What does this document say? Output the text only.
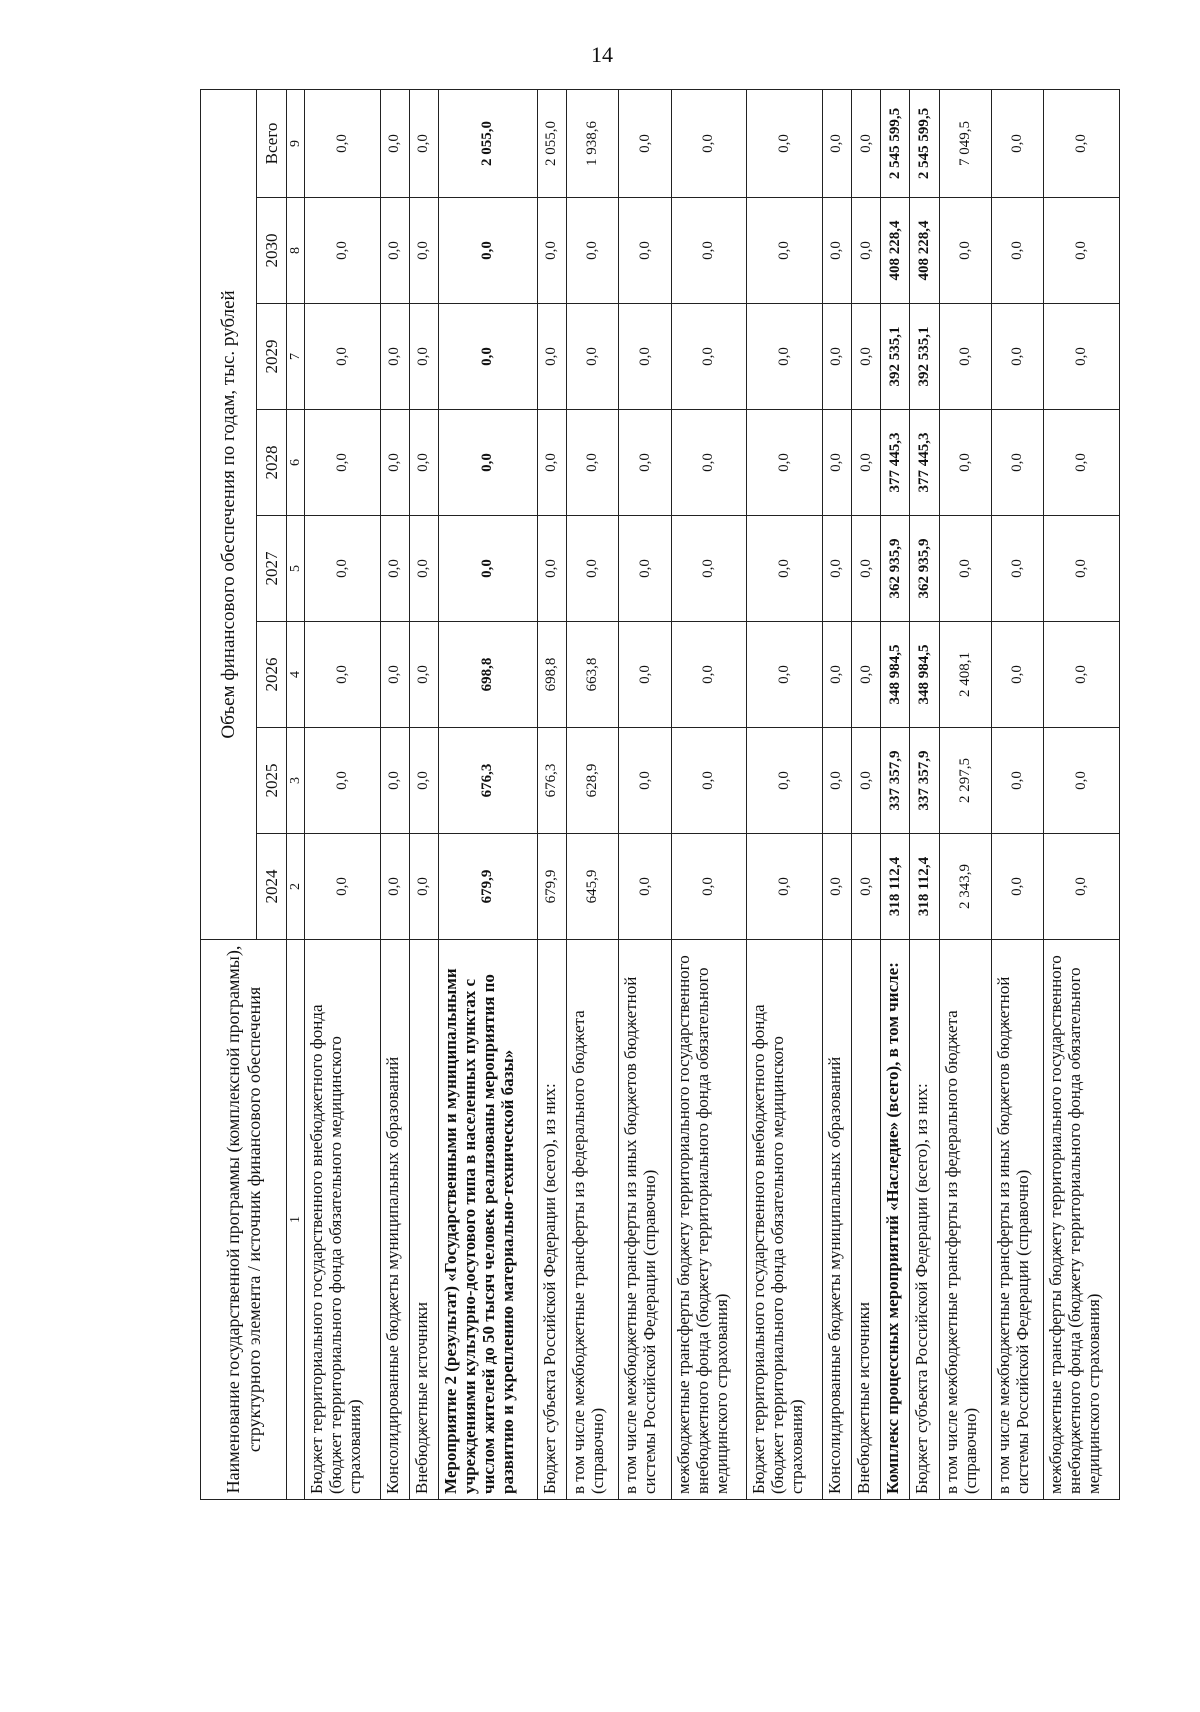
14
Наименование государственной программы (комплексной программы), структурного элемента / источник финансового обеспечения	Объем финансового обеспечения по годам, тыс. рублей							
	2024	2025	2026	2027	2028	2029	2030	Всего
1	2	3	4	5	6	7	8	9
Бюджет территориального государственного внебюджетного фонда (бюджет территориального фонда обязательного медицинского страхования)	0,0	0,0	0,0	0,0	0,0	0,0	0,0	0,0
Консолидированные бюджеты муниципальных образований	0,0	0,0	0,0	0,0	0,0	0,0	0,0	0,0
Внебюджетные источники	0,0	0,0	0,0	0,0	0,0	0,0	0,0	0,0
Мероприятие 2 (результат) «Государственными и муниципальными учреждениями культурно-досугового типа в населенных пунктах с числом жителей до 50 тысяч человек реализованы мероприятия по развитию и укреплению материально-технической базы»	679,9	676,3	698,8	0,0	0,0	0,0	0,0	2 055,0
Бюджет субъекта Российской Федерации (всего), из них:	679,9	676,3	698,8	0,0	0,0	0,0	0,0	2 055,0
в том числе межбюджетные трансферты из федерального бюджета (справочно)	645,9	628,9	663,8	0,0	0,0	0,0	0,0	1 938,6
в том числе межбюджетные трансферты из иных бюджетов бюджетной системы Российской Федерации (справочно)	0,0	0,0	0,0	0,0	0,0	0,0	0,0	0,0
межбюджетные трансферты бюджету территориального государственного внебюджетного фонда (бюджету территориального фонда обязательного медицинского страхования)	0,0	0,0	0,0	0,0	0,0	0,0	0,0	0,0
Бюджет территориального государственного внебюджетного фонда (бюджет территориального фонда обязательного медицинского страхования)	0,0	0,0	0,0	0,0	0,0	0,0	0,0	0,0
Консолидированные бюджеты муниципальных образований	0,0	0,0	0,0	0,0	0,0	0,0	0,0	0,0
Внебюджетные источники	0,0	0,0	0,0	0,0	0,0	0,0	0,0	0,0
Комплекс процессных мероприятий «Наследие» (всего), в том числе:	318 112,4	337 357,9	348 984,5	362 935,9	377 445,3	392 535,1	408 228,4	2 545 599,5
Бюджет субъекта Российской Федерации (всего), из них:	318 112,4	337 357,9	348 984,5	362 935,9	377 445,3	392 535,1	408 228,4	2 545 599,5
в том числе межбюджетные трансферты из федерального бюджета (справочно)	2 343,9	2 297,5	2 408,1	0,0	0,0	0,0	0,0	7 049,5
в том числе межбюджетные трансферты из иных бюджетов бюджетной системы Российской Федерации (справочно)	0,0	0,0	0,0	0,0	0,0	0,0	0,0	0,0
межбюджетные трансферты бюджету территориального государственного внебюджетного фонда (бюджету территориального фонда обязательного медицинского страхования)	0,0	0,0	0,0	0,0	0,0	0,0	0,0	0,0
